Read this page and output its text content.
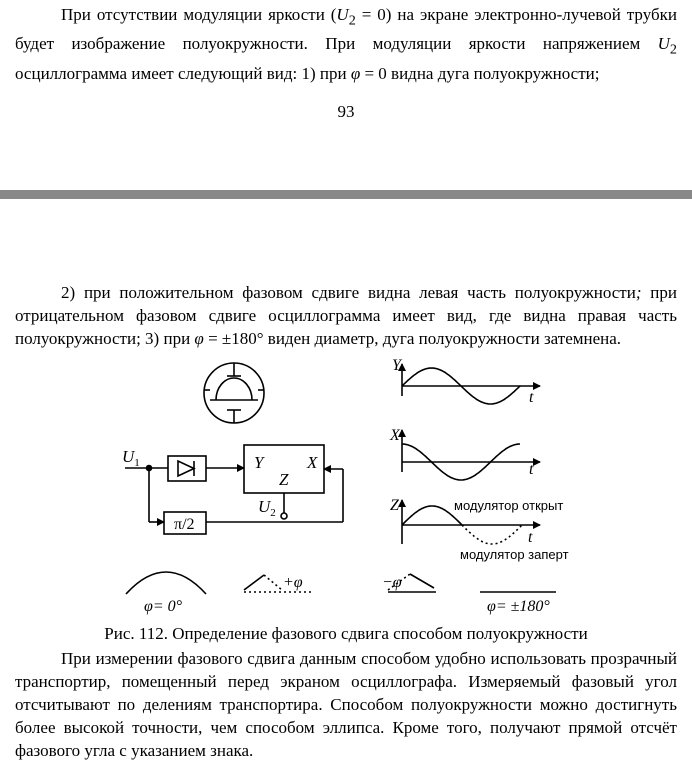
При отсутствии модуляции яркости $(U_2 = 0)$ на экране электронно-лучевой трубки будет изображение полуокружности. При модуляции яркости напряжением $U_2$ осциллограмма имеет следующий вид: 1) при φ = 0 видна дуга полуокружности;

93

2) при положительном фазовом сдвиге видна левая часть полуокружности; при отрицательном фазовом сдвиге осциллограмма имеет вид, где видна правая часть полуокружности; 3) при φ = ±180° виден диаметр, дуга полуокружности затемнена.

$U_1$	Y	X
Z
$U_2$
π/2
Y
t
X
t
Z
t
модулятор открыт
модулятор заперт
+φ	−φ
φ= 0°	φ= ±180°
Рис. 112. Определение фазового сдвига способом полуокружности

При измерении фазового сдвига данным способом удобно использовать прозрачный транспортир, помещенный перед экраном осциллографа. Измеряемый фазовый угол отсчитывают по делениям транспортира. Способом полуокружности можно достигнуть более высокой точности, чем способом эллипса. Кроме того, получают прямой отсчёт фазового угла с указанием знака.
